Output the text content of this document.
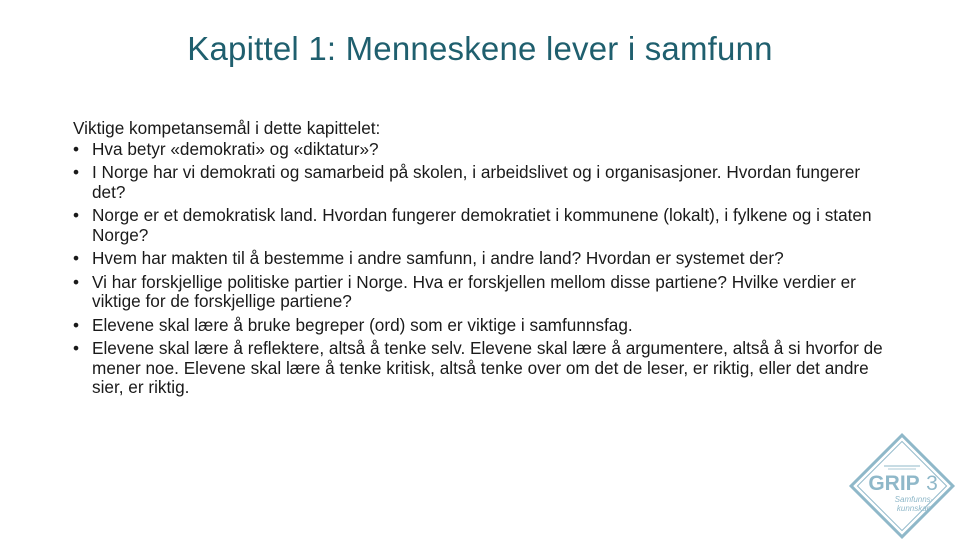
Kapittel 1: Menneskene lever i samfunn

Viktige kompetansemål i dette kapittelet:

• Hva betyr «demokrati» og «diktatur»?
• I Norge har vi demokrati og samarbeid på skolen, i arbeidslivet og i organisasjoner. Hvordan fungerer det?
• Norge er et demokratisk land. Hvordan fungerer demokratiet i kommunene (lokalt), i fylkene og i staten Norge?
• Hvem har makten til å bestemme i andre samfunn, i andre land? Hvordan er systemet der?
• Vi har forskjellige politiske partier i Norge. Hva er forskjellen mellom disse partiene? Hvilke verdier er viktige for de forskjellige partiene?
• Elevene skal lære å bruke begreper (ord) som er viktige i samfunnsfag.
• Elevene skal lære å reflektere, altså å tenke selv. Elevene skal lære å argumentere, altså å si hvorfor de mener noe. Elevene skal lære å tenke kritisk, altså tenke over om det de leser, er riktig, eller det andre sier, er riktig.
GRIP 3
Samfunns-
kunnskap
